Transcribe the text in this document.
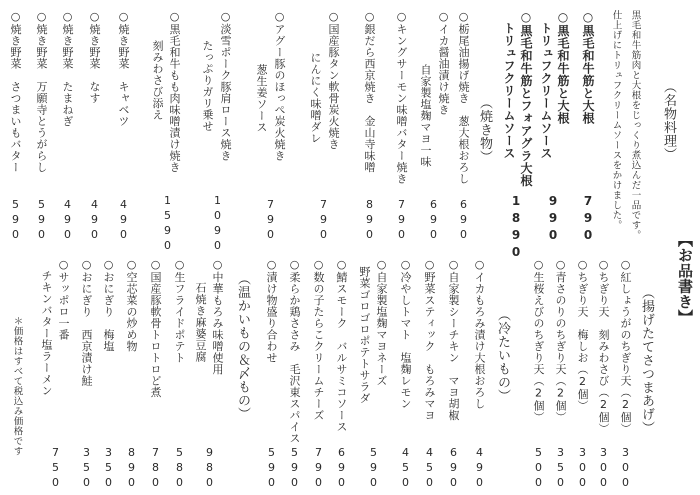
【お品書き】
（名物料理）
黒毛和牛筋肉と大根をじっくり煮込んだ一品です。
仕上げにトリュフクリームソースをかけました。
○黒毛和牛筋と大根
790
○黒毛和牛筋と大根
トリュフクリームソース
990
○黒毛和牛筋とフォアグラ大根
トリュフクリームソース
1890
（焼き物）
○栃尾油揚げ焼き　葱大根おろし
690
○イカ醤油漬け焼き
自家製塩麹マヨ一味
690
○キングサーモン味噌バター焼き
790
○銀だら西京焼き　金山寺味噌
890
○国産豚タン軟骨炭火焼き
にんにく味噌ダレ
790
○アグー豚のほっぺ炭火焼き
葱生姜ソース
790
○淡雪ポーク豚肩ロース焼き
たっぷりガリ乗せ
1090
○黒毛和牛もも肉味噌漬け焼き
刻みわさび添え
1590
○焼き野菜　キャベツ
490
○焼き野菜　なす
490
○焼き野菜　たまねぎ
490
○焼き野菜　万願寺とうがらし
590
○焼き野菜　さつまいもバター
590
（揚げたてさつまあげ）
○紅しょうがのちぎり天（2個）
300
○ちぎり天　刻みわさび（2個）
300
○ちぎり天　梅しお（2個）
300
○青さのりのちぎり天（2個）
350
○生桜えびのちぎり天（2個）
500
（冷たいもの）
○イカもろみ漬け大根おろし
490
○自家製シーチキン　マヨ胡椒
690
○野菜スティック　もろみマヨ
450
○冷やしトマト　塩麹レモン
450
○自家製塩麹マヨネーズ
野菜ゴロゴロポテトサラダ
590
○鯖スモーク　バルサミコソース
690
○数の子たらこクリームチーズ
790
○柔らか鶏ささみ　毛沢東スパイス
590
○漬け物盛り合わせ
590
（温かいもの＆〆もの）
○中華もろみ味噌使用
石焼き麻婆豆腐
980
○生フライドポテト
580
○国産豚軟骨トロトロど煮
780
○空芯菜の炒め物
890
○おにぎり　梅塩
350
○おにぎり　西京漬け鮭
350
○サッポロ一番
チキンバター塩ラーメン
750
＊価格はすべて税込み価格です
